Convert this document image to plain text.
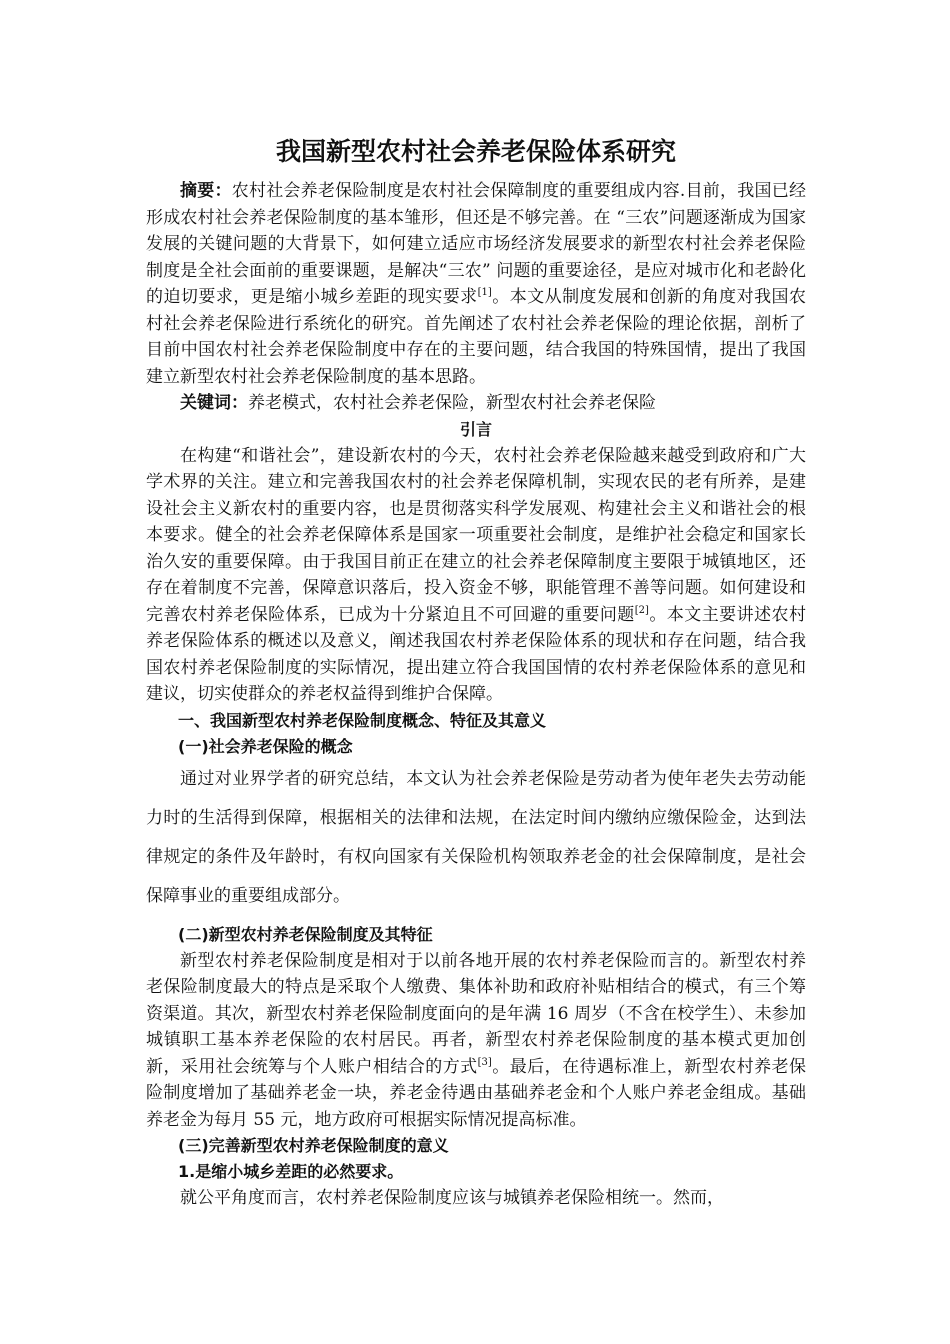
我国新型农村社会养老保险体系研究

摘要：农村社会养老保险制度是农村社会保障制度的重要组成内容.目前，我国已经形成农村社会养老保险制度的基本雏形，但还是不够完善。在 “三农”问题逐渐成为国家发展的关键问题的大背景下，如何建立适应市场经济发展要求的新型农村社会养老保险制度是全社会面前的重要课题，是解决“三农” 问题的重要途径，是应对城市化和老龄化的迫切要求，更是缩小城乡差距的现实要求[1]。本文从制度发展和创新的角度对我国农村社会养老保险进行系统化的研究。首先阐述了农村社会养老保险的理论依据，剖析了目前中国农村社会养老保险制度中存在的主要问题，结合我国的特殊国情，提出了我国建立新型农村社会养老保险制度的基本思路。

关键词：养老模式，农村社会养老保险，新型农村社会养老保险

引言

在构建“和谐社会”，建设新农村的今天，农村社会养老保险越来越受到政府和广大学术界的关注。建立和完善我国农村的社会养老保障机制，实现农民的老有所养，是建设社会主义新农村的重要内容，也是贯彻落实科学发展观、构建社会主义和谐社会的根本要求。健全的社会养老保障体系是国家一项重要社会制度，是维护社会稳定和国家长治久安的重要保障。由于我国目前正在建立的社会养老保障制度主要限于城镇地区，还存在着制度不完善，保障意识落后，投入资金不够，职能管理不善等问题。如何建设和完善农村养老保险体系，已成为十分紧迫且不可回避的重要问题[2]。本文主要讲述农村养老保险体系的概述以及意义，阐述我国农村养老保险体系的现状和存在问题，结合我国农村养老保险制度的实际情况，提出建立符合我国国情的农村养老保险体系的意见和建议，切实使群众的养老权益得到维护合保障。

一、我国新型农村养老保险制度概念、特征及其意义
(一)社会养老保险的概念

通过对业界学者的研究总结，本文认为社会养老保险是劳动者为使年老失去劳动能力时的生活得到保障，根据相关的法律和法规，在法定时间内缴纳应缴保险金，达到法律规定的条件及年龄时，有权向国家有关保险机构领取养老金的社会保障制度，是社会保障事业的重要组成部分。

(二)新型农村养老保险制度及其特征

新型农村养老保险制度是相对于以前各地开展的农村养老保险而言的。新型农村养老保险制度最大的特点是采取个人缴费、集体补助和政府补贴相结合的模式，有三个筹资渠道。其次，新型农村养老保险制度面向的是年满 16 周岁（不含在校学生）、未参加城镇职工基本养老保险的农村居民。再者，新型农村养老保险制度的基本模式更加创新，采用社会统筹与个人账户相结合的方式[3]。最后，在待遇标准上，新型农村养老保险制度增加了基础养老金一块，养老金待遇由基础养老金和个人账户养老金组成。基础养老金为每月 55 元，地方政府可根据实际情况提高标准。

(三)完善新型农村养老保险制度的意义
1.是缩小城乡差距的必然要求。

就公平角度而言，农村养老保险制度应该与城镇养老保险相统一。然而，
